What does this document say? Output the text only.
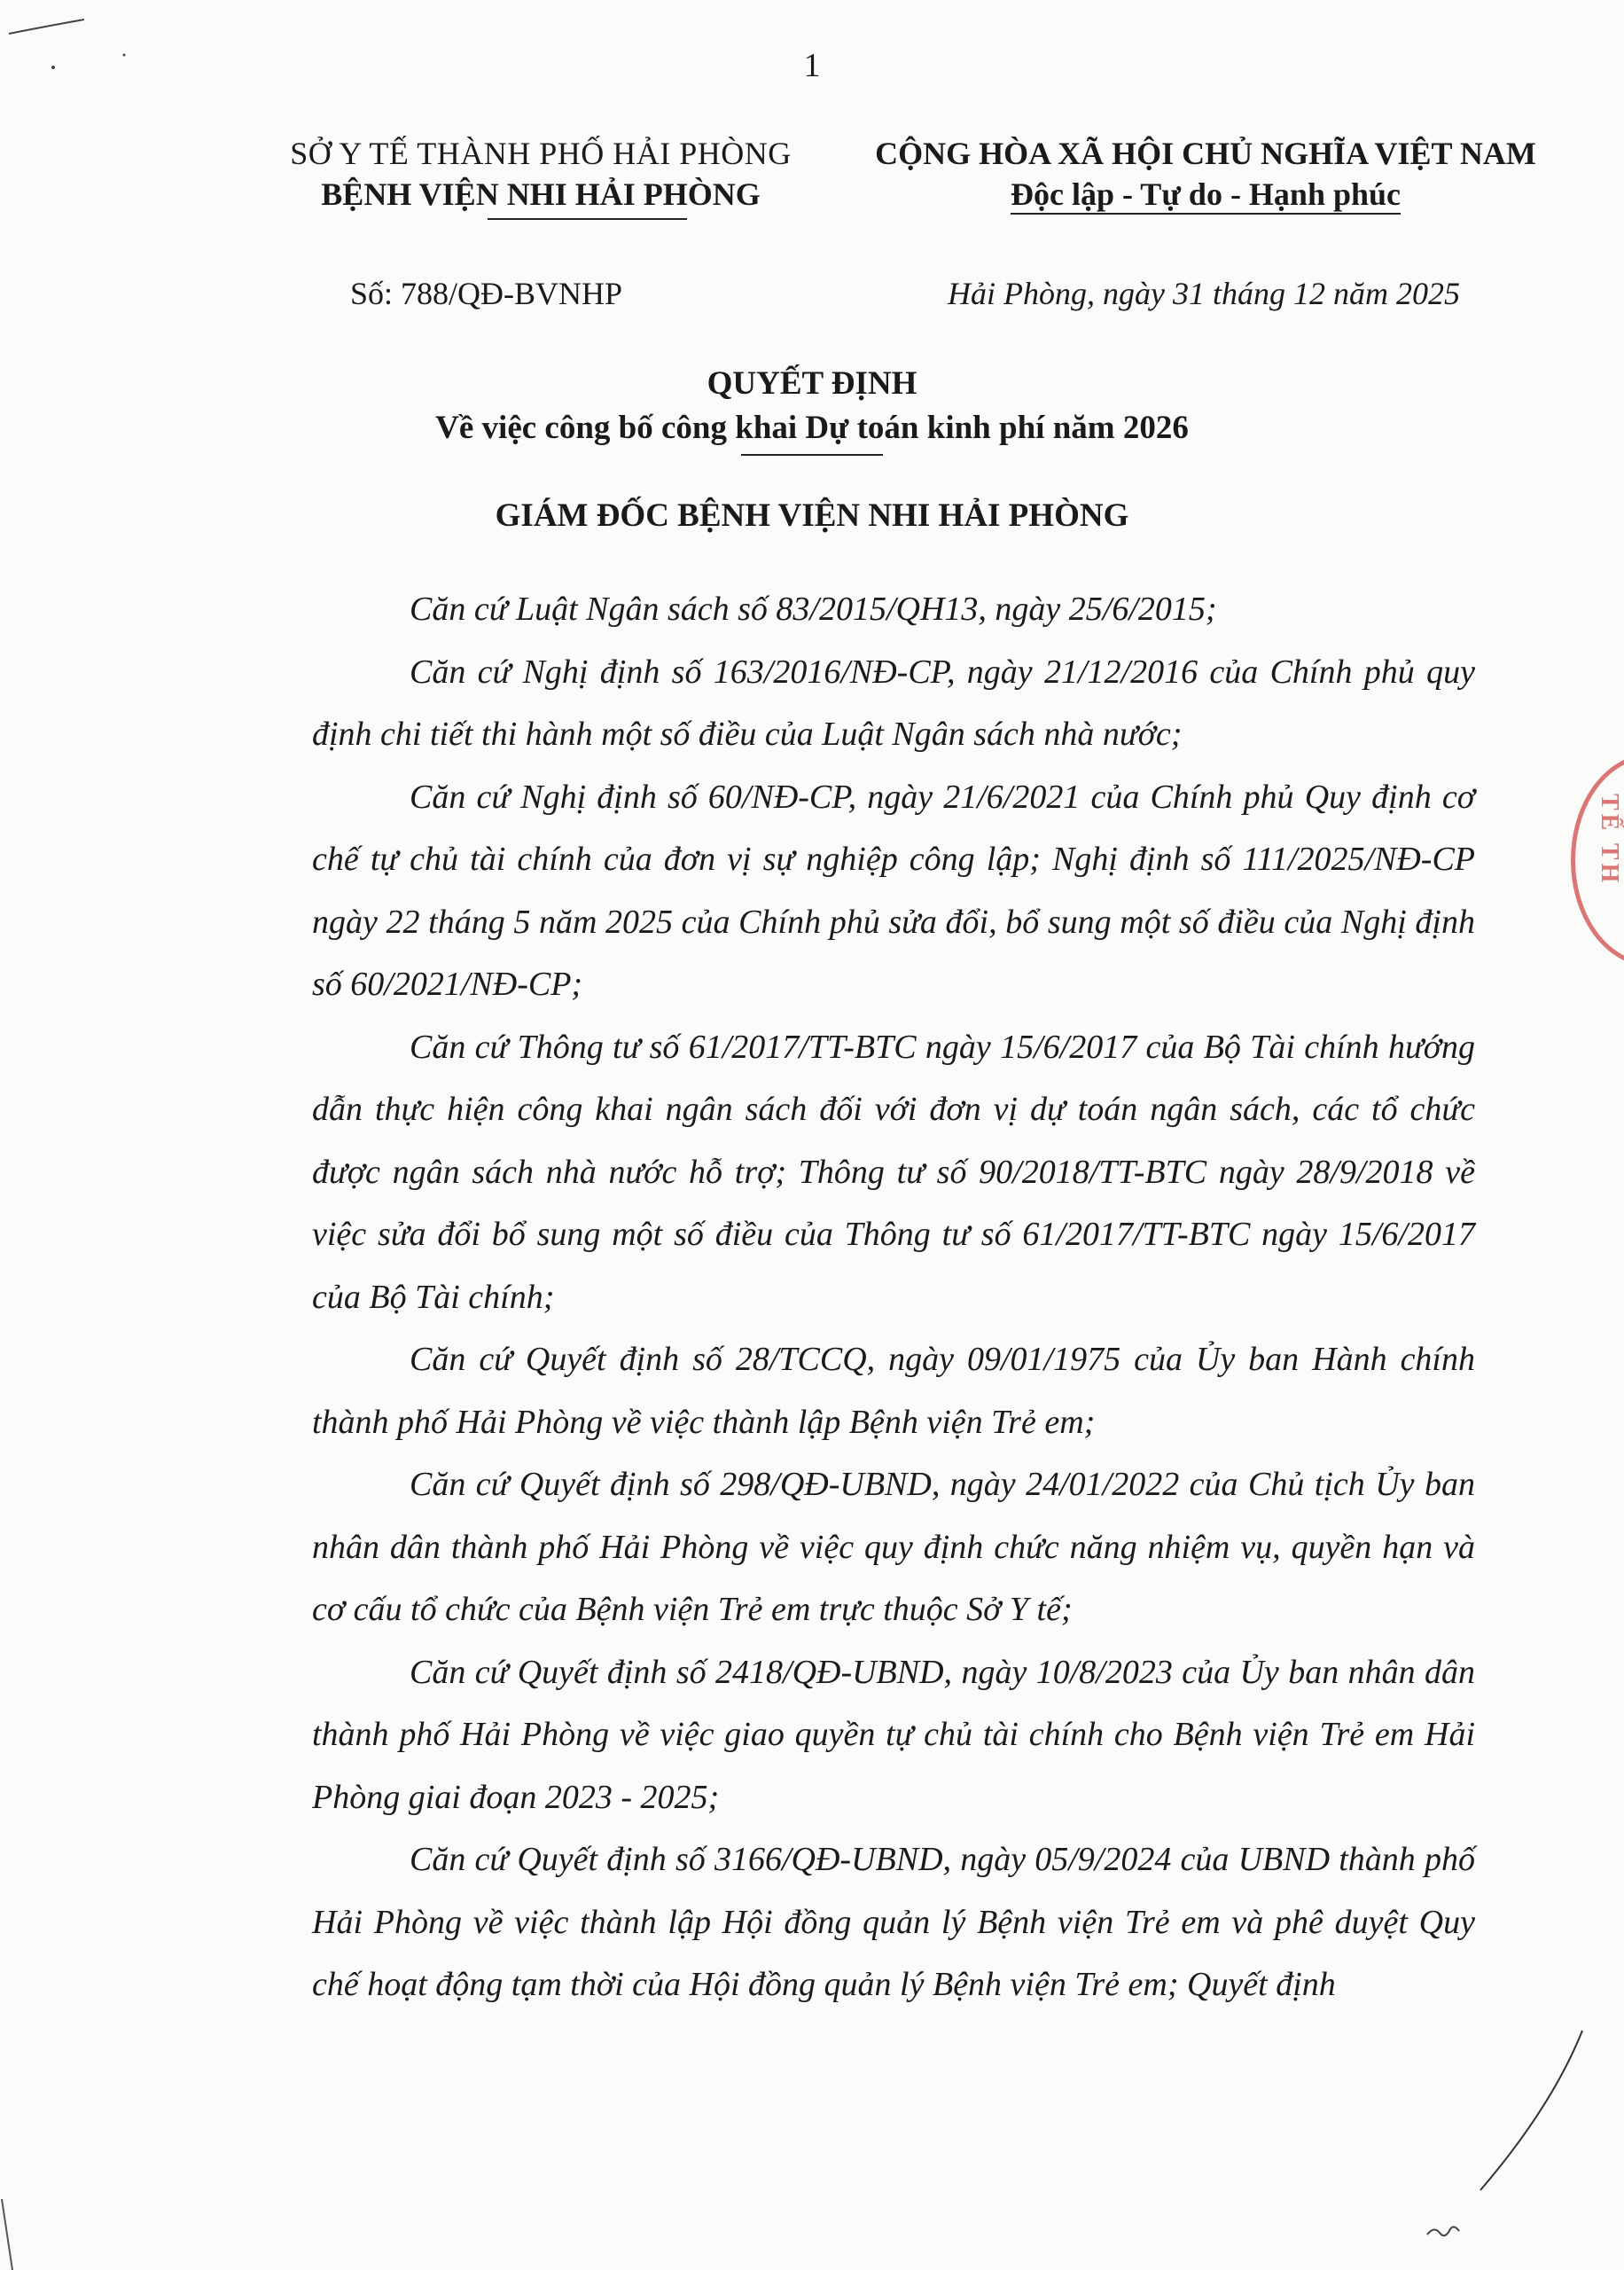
1
SỞ Y TẾ THÀNH PHỐ HẢI PHÒNG
BỆNH VIỆN NHI HẢI PHÒNG
CỘNG HÒA XÃ HỘI CHỦ NGHĨA VIỆT NAM
Độc lập - Tự do - Hạnh phúc
Số: 788/QĐ-BVNHP	Hải Phòng, ngày 31 tháng 12 năm 2025
QUYẾT ĐỊNH
Về việc công bố công khai Dự toán kinh phí năm 2026
GIÁM ĐỐC BỆNH VIỆN NHI HẢI PHÒNG

Căn cứ Luật Ngân sách số 83/2015/QH13, ngày 25/6/2015;

Căn cứ Nghị định số 163/2016/NĐ-CP, ngày 21/12/2016 của Chính phủ quy định chi tiết thi hành một số điều của Luật Ngân sách nhà nước;

Căn cứ Nghị định số 60/NĐ-CP, ngày 21/6/2021 của Chính phủ Quy định cơ chế tự chủ tài chính của đơn vị sự nghiệp công lập; Nghị định số 111/2025/NĐ-CP ngày 22 tháng 5 năm 2025 của Chính phủ sửa đổi, bổ sung một số điều của Nghị định số 60/2021/NĐ-CP;

Căn cứ Thông tư số 61/2017/TT-BTC ngày 15/6/2017 của Bộ Tài chính hướng dẫn thực hiện công khai ngân sách đối với đơn vị dự toán ngân sách, các tổ chức được ngân sách nhà nước hỗ trợ; Thông tư số 90/2018/TT-BTC ngày 28/9/2018 về việc sửa đổi bổ sung một số điều của Thông tư số 61/2017/TT-BTC ngày 15/6/2017 của Bộ Tài chính;

Căn cứ Quyết định số 28/TCCQ, ngày 09/01/1975 của Ủy ban Hành chính thành phố Hải Phòng về việc thành lập Bệnh viện Trẻ em;

Căn cứ Quyết định số 298/QĐ-UBND, ngày 24/01/2022 của Chủ tịch Ủy ban nhân dân thành phố Hải Phòng về việc quy định chức năng nhiệm vụ, quyền hạn và cơ cấu tổ chức của Bệnh viện Trẻ em trực thuộc Sở Y tế;

Căn cứ Quyết định số 2418/QĐ-UBND, ngày 10/8/2023 của Ủy ban nhân dân thành phố Hải Phòng về việc giao quyền tự chủ tài chính cho Bệnh viện Trẻ em Hải Phòng giai đoạn 2023 - 2025;

Căn cứ Quyết định số 3166/QĐ-UBND, ngày 05/9/2024 của UBND thành phố Hải Phòng về việc thành lập Hội đồng quản lý Bệnh viện Trẻ em và phê duyệt Quy chế hoạt động tạm thời của Hội đồng quản lý Bệnh viện Trẻ em; Quyết định

TẾ TH
